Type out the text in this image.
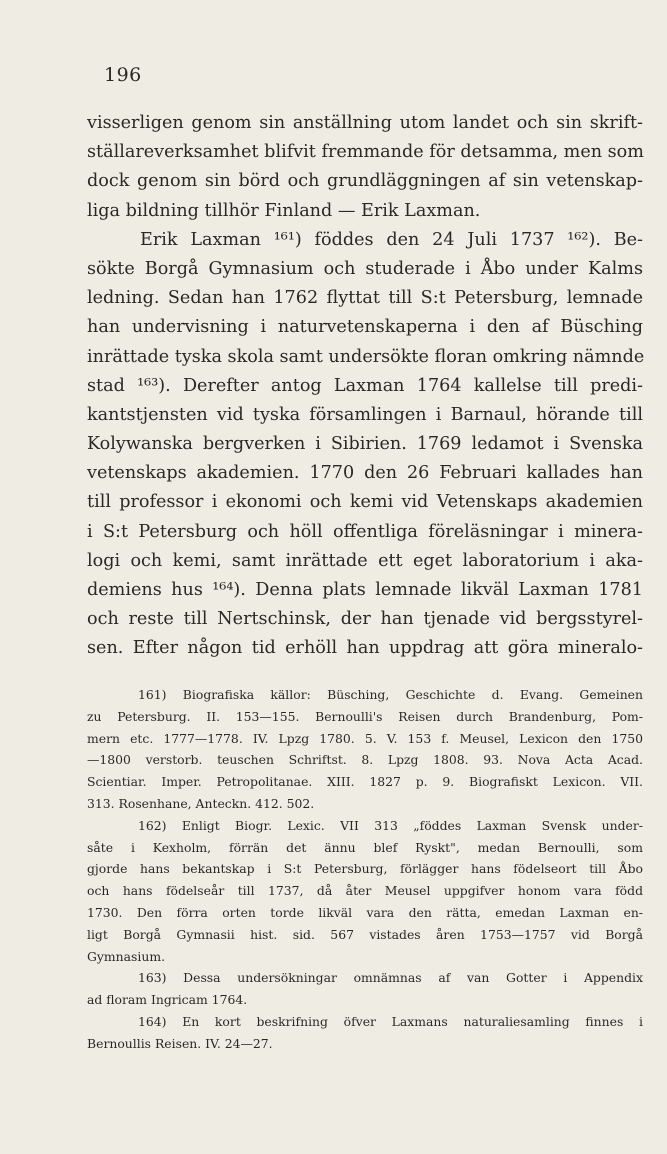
196
visserligen genom sin anställning utom landet och sin skrift-
ställareverksamhet blifvit fremmande för detsamma, men som
dock genom sin börd och grundläggningen af sin vetenskap-
liga bildning tillhör Finland — Erik Laxman.
Erik Laxman ¹⁶¹) föddes den 24 Juli 1737 ¹⁶²). Be-
sökte Borgå Gymnasium och studerade i Åbo under Kalms
ledning. Sedan han 1762 flyttat till S:t Petersburg, lemnade
han undervisning i naturvetenskaperna i den af Büsching
inrättade tyska skola samt undersökte floran omkring nämnde
stad ¹⁶³). Derefter antog Laxman 1764 kallelse till predi-
kantstjensten vid tyska församlingen i Barnaul, hörande till
Kolywanska bergverken i Sibirien. 1769 ledamot i Svenska
vetenskaps akademien. 1770 den 26 Februari kallades han
till professor i ekonomi och kemi vid Vetenskaps akademien
i S:t Petersburg och höll offentliga föreläsningar i minera-
logi och kemi, samt inrättade ett eget laboratorium i aka-
demiens hus ¹⁶⁴). Denna plats lemnade likväl Laxman 1781
och reste till Nertschinsk, der han tjenade vid bergsstyrel-
sen. Efter någon tid erhöll han uppdrag att göra mineralo-
161) Biografiska källor: Büsching, Geschichte d. Evang. Gemeinen
zu Petersburg. II. 153—155. Bernoulli's Reisen durch Brandenburg, Pom-
mern etc. 1777—1778. IV. Lpzg 1780. 5. V. 153 f. Meusel, Lexicon den 1750
—1800 verstorb. teuschen Schriftst. 8. Lpzg 1808. 93. Nova Acta Acad.
Scientiar. Imper. Petropolitanae. XIII. 1827 p. 9. Biografiskt Lexicon. VII.
313. Rosenhane, Anteckn. 412. 502.
162) Enligt Biogr. Lexic. VII 313 „föddes Laxman Svensk under-
såte i Kexholm, förrän det ännu blef Ryskt", medan Bernoulli, som
gjorde hans bekantskap i S:t Petersburg, förlägger hans födelseort till Åbo
och hans födelseår till 1737, då åter Meusel uppgifver honom vara född
1730. Den förra orten torde likväl vara den rätta, emedan Laxman en-
ligt Borgå Gymnasii hist. sid. 567 vistades åren 1753—1757 vid Borgå
Gymnasium.
163) Dessa undersökningar omnämnas af van Gotter i Appendix
ad floram Ingricam 1764.
164) En kort beskrifning öfver Laxmans naturaliesamling finnes i
Bernoullis Reisen. IV. 24—27.
